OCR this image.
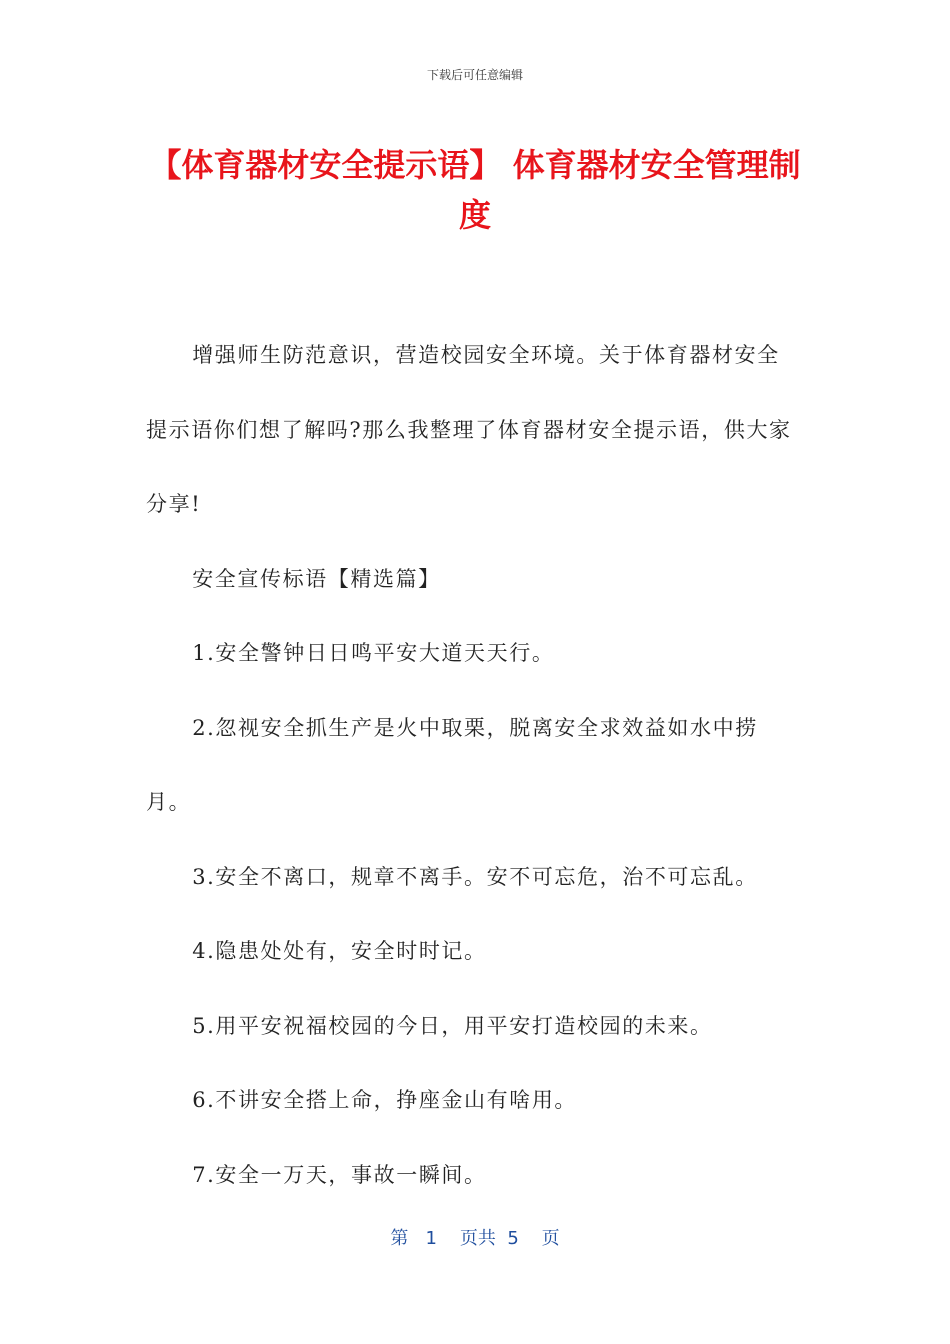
下载后可任意编辑
【体育器材安全提示语】 体育器材安全管理制度

增强师生防范意识，营造校园安全环境。关于体育器材安全提示语你们想了解吗?那么我整理了体育器材安全提示语，供大家分享!

安全宣传标语【精选篇】

1.安全警钟日日鸣平安大道天天行。

2.忽视安全抓生产是火中取栗，脱离安全求效益如水中捞月。

3.安全不离口，规章不离手。安不可忘危，治不可忘乱。

4.隐患处处有，安全时时记。

5.用平安祝福校园的今日，用平安打造校园的未来。

6.不讲安全搭上命，挣座金山有啥用。

7.安全一万天，事故一瞬间。

第 1 页共 5 页
